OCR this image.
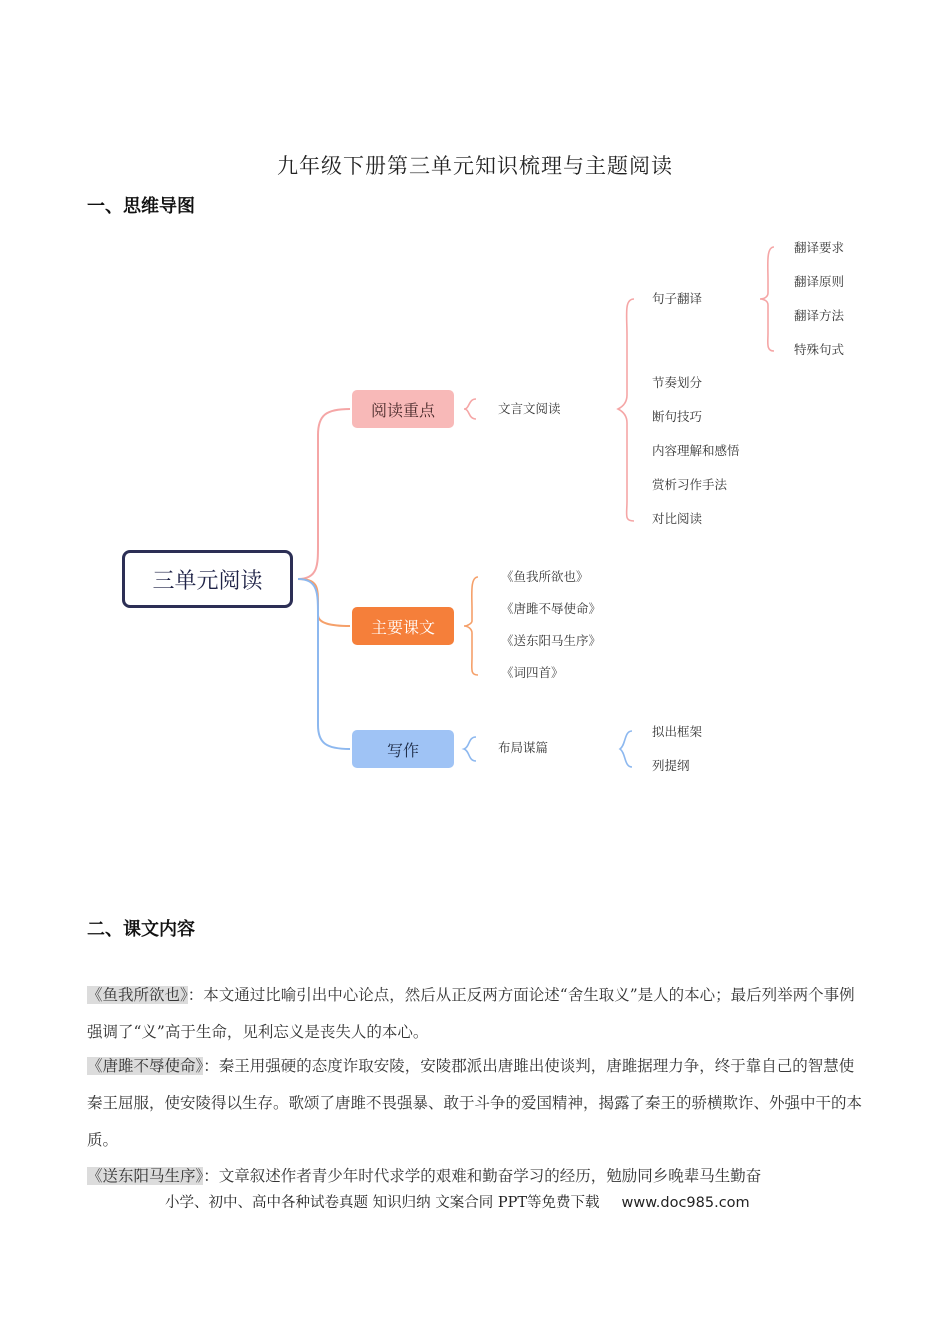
九年级下册第三单元知识梳理与主题阅读
一、思维导图
三单元阅读
阅读重点
主要课文
写作
文言文阅读
句子翻译
节奏划分
断句技巧
内容理解和感悟
赏析习作手法
对比阅读
翻译要求
翻译原则
翻译方法
特殊句式
《鱼我所欲也》
《唐雎不辱使命》
《送东阳马生序》
《词四首》
布局谋篇
拟出框架
列提纲
二、课文内容
《鱼我所欲也》：本文通过比喻引出中心论点，然后从正反两方面论述“舍生取义”是人的本心；最后列举两个事例强调了“义”高于生命，见利忘义是丧失人的本心。
《唐雎不辱使命》：秦王用强硬的态度诈取安陵，安陵郡派出唐雎出使谈判，唐雎据理力争，终于靠自己的智慧使秦王屈服，使安陵得以生存。歌颂了唐雎不畏强暴、敢于斗争的爱国精神，揭露了秦王的骄横欺诈、外强中干的本质。
《送东阳马生序》：文章叙述作者青少年时代求学的艰难和勤奋学习的经历，勉励同乡晚辈马生勤奋
小学、初中、高中各种试卷真题 知识归纳 文案合同 PPT等免费下载 www.doc985.com
